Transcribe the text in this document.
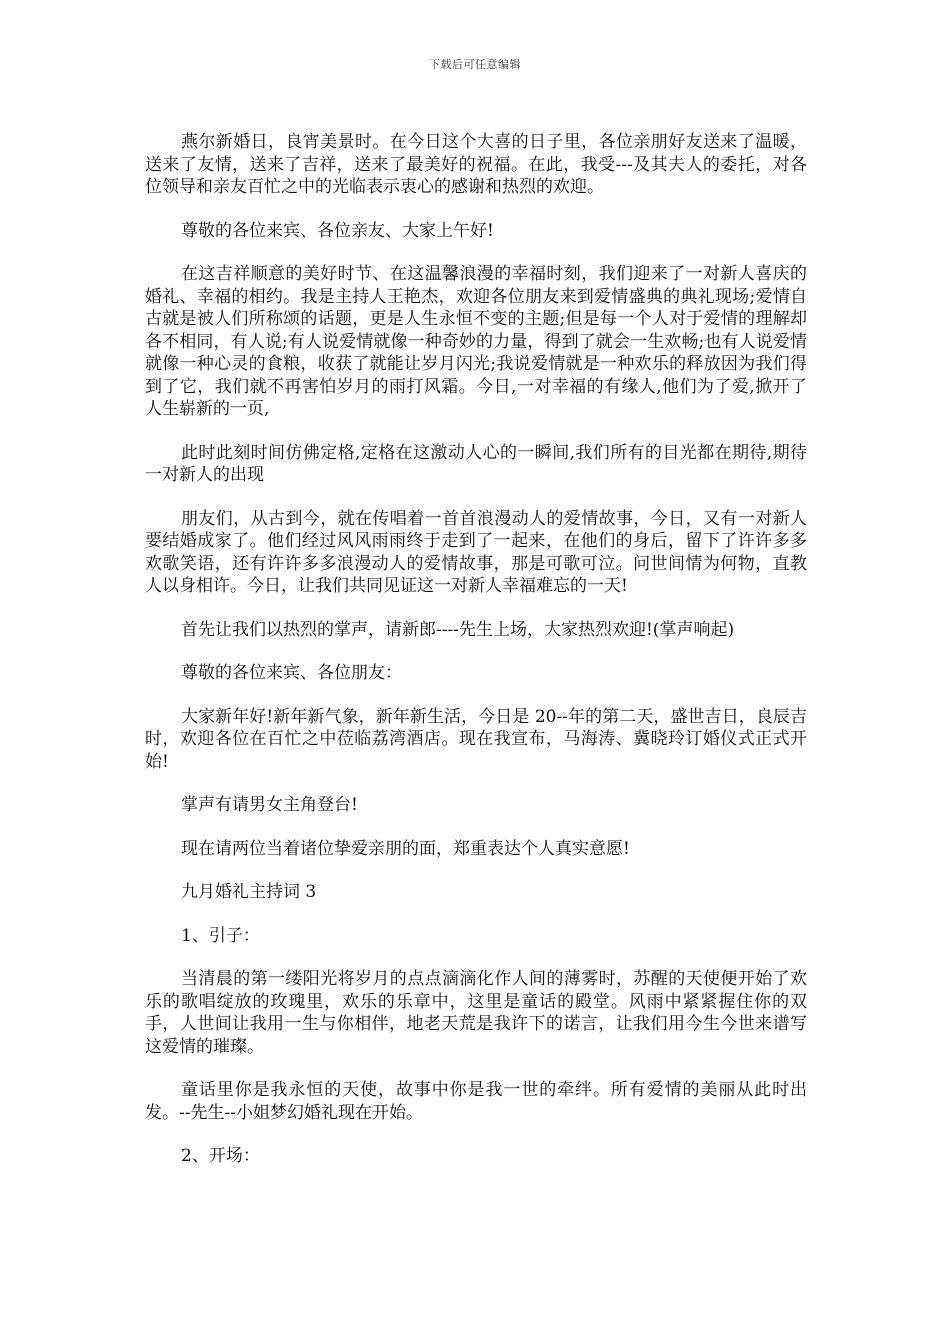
下载后可任意编辑

燕尔新婚日，良宵美景时。在今日这个大喜的日子里，各位亲朋好友送来了温暖，送来了友情，送来了吉祥，送来了最美好的祝福。在此，我受---及其夫人的委托，对各位领导和亲友百忙之中的光临表示衷心的感谢和热烈的欢迎。

尊敬的各位来宾、各位亲友、大家上午好!

在这吉祥顺意的美好时节、在这温馨浪漫的幸福时刻，我们迎来了一对新人喜庆的婚礼、幸福的相约。我是主持人王艳杰，欢迎各位朋友来到爱情盛典的典礼现场;爱情自古就是被人们所称颂的话题，更是人生永恒不变的主题;但是每一个人对于爱情的理解却各不相同，有人说;有人说爱情就像一种奇妙的力量，得到了就会一生欢畅;也有人说爱情就像一种心灵的食粮，收获了就能让岁月闪光;我说爱情就是一种欢乐的释放因为我们得到了它，我们就不再害怕岁月的雨打风霜。今日,一对幸福的有缘人,他们为了爱,掀开了人生崭新的一页,

此时此刻时间仿佛定格,定格在这激动人心的一瞬间,我们所有的目光都在期待,期待一对新人的出现

朋友们，从古到今，就在传唱着一首首浪漫动人的爱情故事，今日，又有一对新人要结婚成家了。他们经过风风雨雨终于走到了一起来，在他们的身后，留下了许许多多欢歌笑语，还有许许多多浪漫动人的爱情故事，那是可歌可泣。问世间情为何物，直教人以身相许。今日，让我们共同见证这一对新人幸福难忘的一天!

首先让我们以热烈的掌声，请新郎----先生上场，大家热烈欢迎!(掌声响起)

尊敬的各位来宾、各位朋友：

大家新年好!新年新气象，新年新生活，今日是 20--年的第二天，盛世吉日，良辰吉时，欢迎各位在百忙之中莅临荔湾酒店。现在我宣布，马海涛、冀晓玲订婚仪式正式开始!

掌声有请男女主角登台!

现在请两位当着诸位挚爱亲朋的面，郑重表达个人真实意愿!

九月婚礼主持词 3

1、引子：

当清晨的第一缕阳光将岁月的点点滴滴化作人间的薄雾时，苏醒的天使便开始了欢乐的歌唱绽放的玫瑰里，欢乐的乐章中，这里是童话的殿堂。风雨中紧紧握住你的双手，人世间让我用一生与你相伴，地老天荒是我许下的诺言，让我们用今生今世来谱写这爱情的璀璨。

童话里你是我永恒的天使，故事中你是我一世的牵绊。所有爱情的美丽从此时出发。--先生--小姐梦幻婚礼现在开始。

2、开场：
